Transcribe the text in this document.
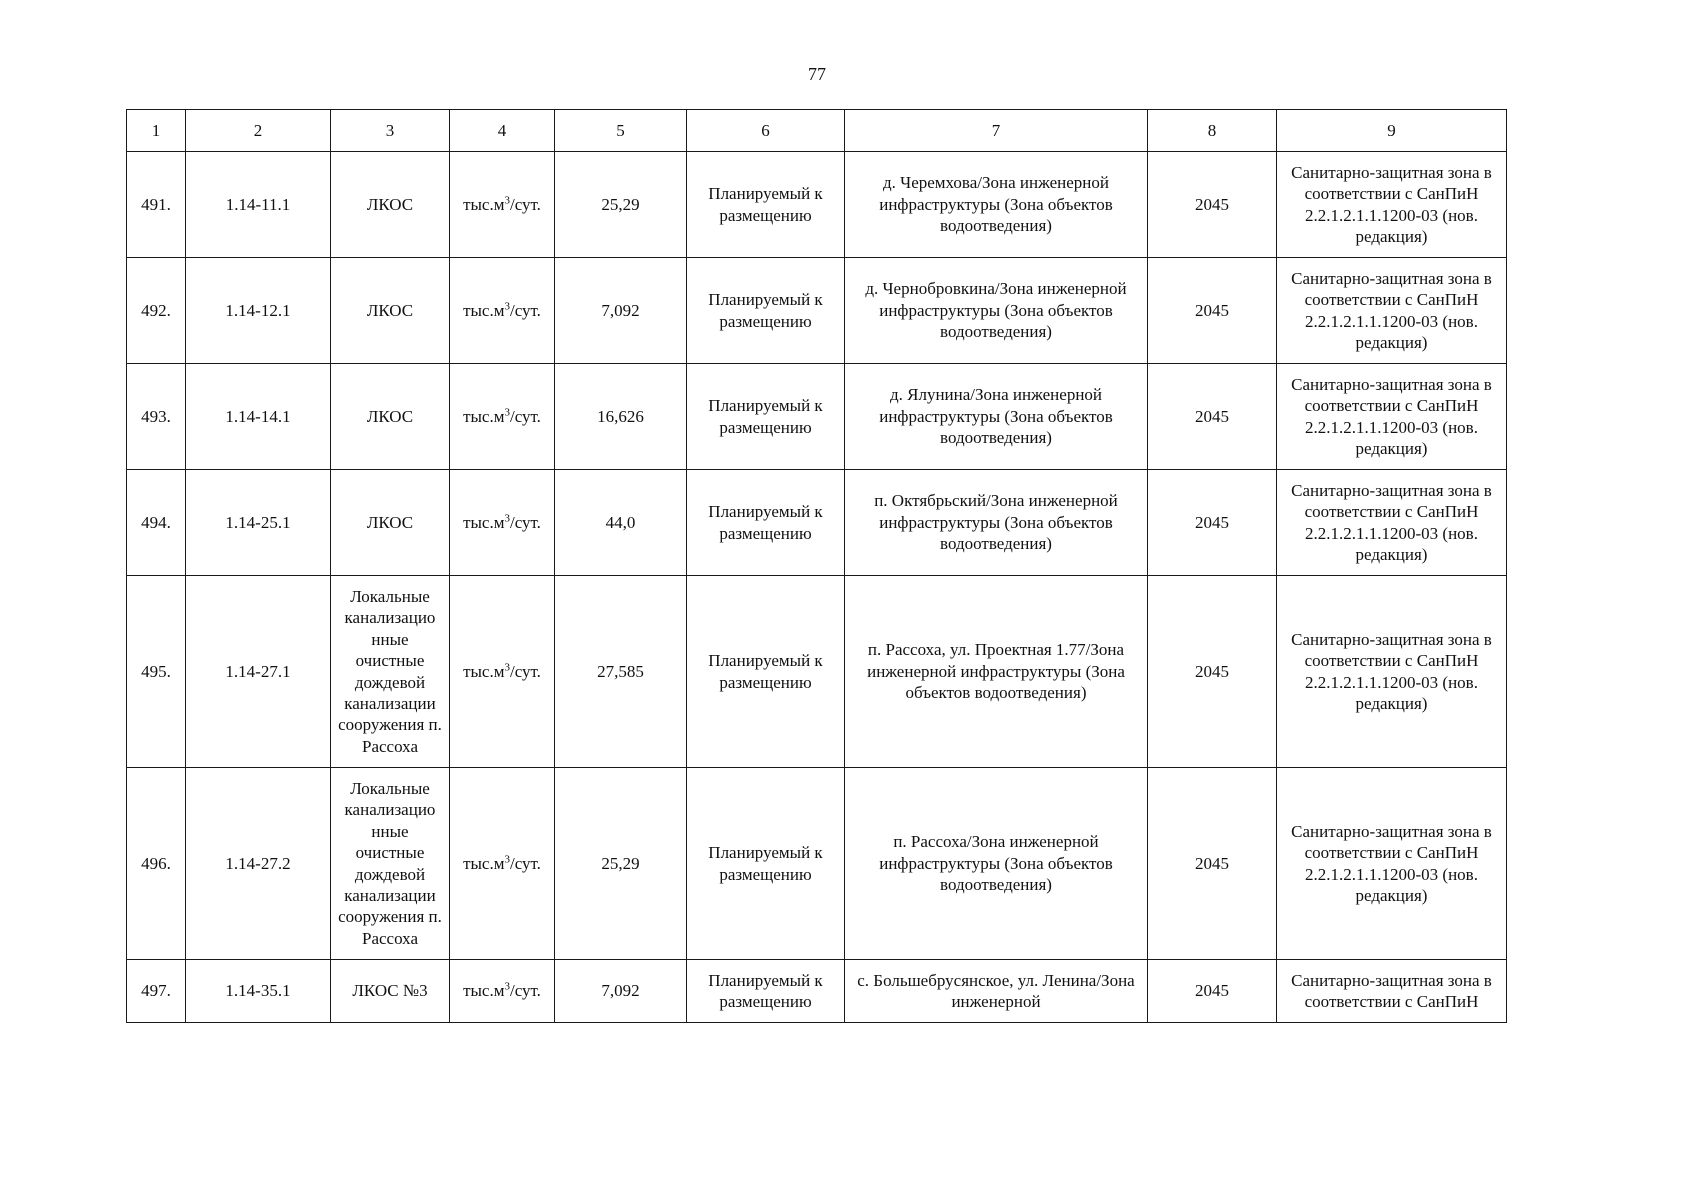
77
1	2	3	4	5	6	7	8	9
491.	1.14-11.1	ЛКОС	$тыс.м^3$/сут.	25,29	Планируемый к размещению	д. Черемхова/Зона инженерной инфраструктуры (Зона объектов водоотведения)	2045	Санитарно-защитная зона в соответствии с СанПиН 2.2.1.2.1.1.1200-03 (нов. редакция)
492.	1.14-12.1	ЛКОС	$тыс.м^3$/сут.	7,092	Планируемый к размещению	д. Чернобровкина/Зона инженерной инфраструктуры (Зона объектов водоотведения)	2045	Санитарно-защитная зона в соответствии с СанПиН 2.2.1.2.1.1.1200-03 (нов. редакция)
493.	1.14-14.1	ЛКОС	$тыс.м^3$/сут.	16,626	Планируемый к размещению	д. Ялунина/Зона инженерной инфраструктуры (Зона объектов водоотведения)	2045	Санитарно-защитная зона в соответствии с СанПиН 2.2.1.2.1.1.1200-03 (нов. редакция)
494.	1.14-25.1	ЛКОС	$тыс.м^3$/сут.	44,0	Планируемый к размещению	п. Октябрьский/Зона инженерной инфраструктуры (Зона объектов водоотведения)	2045	Санитарно-защитная зона в соответствии с СанПиН 2.2.1.2.1.1.1200-03 (нов. редакция)
495.	1.14-27.1	Локальные канализацио нные очистные дождевой канализации сооружения п. Рассоха	$тыс.м^3$/сут.	27,585	Планируемый к размещению	п. Рассоха, ул. Проектная 1.77/Зона инженерной инфраструктуры (Зона объектов водоотведения)	2045	Санитарно-защитная зона в соответствии с СанПиН 2.2.1.2.1.1.1200-03 (нов. редакция)
496.	1.14-27.2	Локальные канализацио нные очистные дождевой канализации сооружения п. Рассоха	$тыс.м^3$/сут.	25,29	Планируемый к размещению	п. Рассоха/Зона инженерной инфраструктуры (Зона объектов водоотведения)	2045	Санитарно-защитная зона в соответствии с СанПиН 2.2.1.2.1.1.1200-03 (нов. редакция)
497.	1.14-35.1	ЛКОС №3	$тыс.м^3$/сут.	7,092	Планируемый к размещению	с. Большебрусянское, ул. Ленина/Зона инженерной	2045	Санитарно-защитная зона в соответствии с СанПиН
